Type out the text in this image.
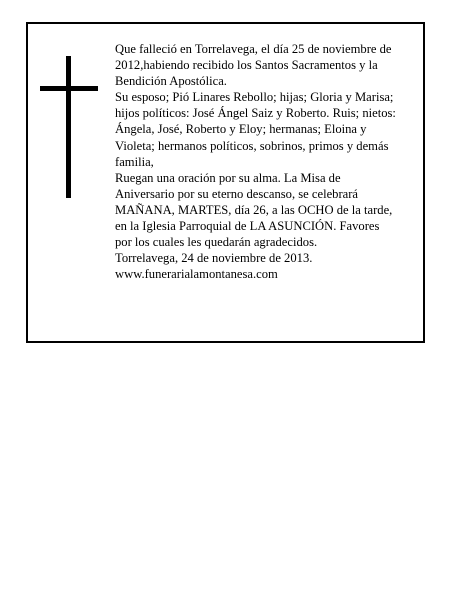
Que falleció en Torrelavega, el día 25 de noviembre de
2012,habiendo recibido los Santos Sacramentos y la
Bendición Apostólica.
Su esposo; Pió Linares Rebollo; hijas; Gloria y Marisa;
hijos políticos: José Ángel Saiz y Roberto. Ruis; nietos:
Ángela, José, Roberto y Eloy; hermanas; Eloina y
Violeta; hermanos políticos, sobrinos, primos y demás
familia,
Ruegan una oración por su alma. La Misa de
Aniversario por su eterno descanso, se celebrará
MAÑANA, MARTES, día 26, a las OCHO de la tarde,
en la Iglesia Parroquial de LA ASUNCIÓN. Favores
por los cuales les quedarán agradecidos.
Torrelavega, 24 de noviembre de 2013.
www.funerarialamontanesa.com
